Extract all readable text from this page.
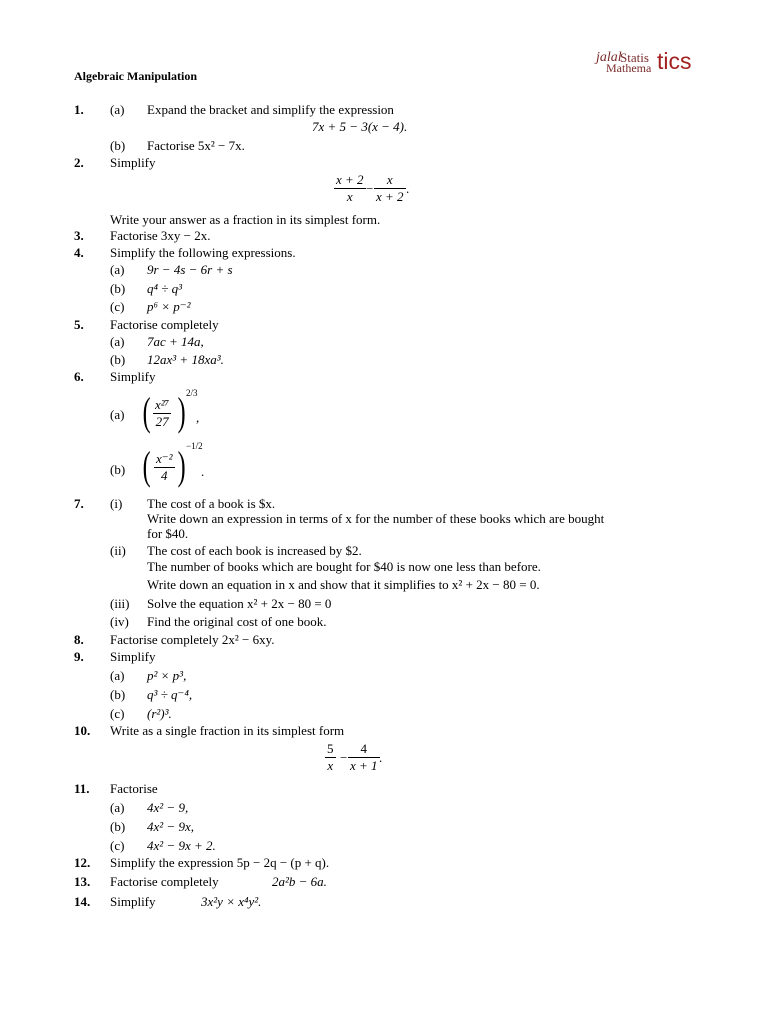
jalal
Statis
Mathema tics
Algebraic Manipulation
1. (a) Expand the bracket and simplify the expression
7x + 5 − 3(x − 4).
(b) Factorise 5x² − 7x.
2. Simplify
$\frac{x + 2}{x} - \frac{x}{x + 2}$ .
Write your answer as a fraction in its simplest form.
3. Factorise 3xy − 2x.
4. Simplify the following expressions.
(a) 9r − 4s − 6r + s
(b) q⁴ ÷ q³
(c) p⁶ × p⁻²
5. Factorise completely
(a) 7ac + 14a,
(b) 12ax³ + 18xa³.
6. Simplify
(a) ( $\frac{\text{x²⁷}}{27}$ ) 2/3
,
(b) ( $\frac{\text{x⁻²}}{4}$ ) −1/2
.
7. (i) The cost of a book is $x.
Write down an expression in terms of x for the number of these books which are bought
for $40.
(ii) The cost of each book is increased by $2.
The number of books which are bought for $40 is now one less than before.
Write down an equation in x and show that it simplifies to x² + 2x − 80 = 0.
(iii) Solve the equation x² + 2x − 80 = 0
(iv) Find the original cost of one book.
8. Factorise completely 2x² − 6xy.
9. Simplify
(a) p² × p³,
(b) q³ ÷ q⁻⁴,
(c) (r²)³.
10. Write as a single fraction in its simplest form
$\frac{5}{x} - \frac{4}{x + 1}$ .
11. Factorise
(a) 4x² − 9,
(b) 4x² − 9x,
(c) 4x² − 9x + 2.
12. Simplify the expression 5p − 2q − (p + q).
13. Factorise completely	2a²b − 6a.
14. Simplify	3x²y × x⁴y².
